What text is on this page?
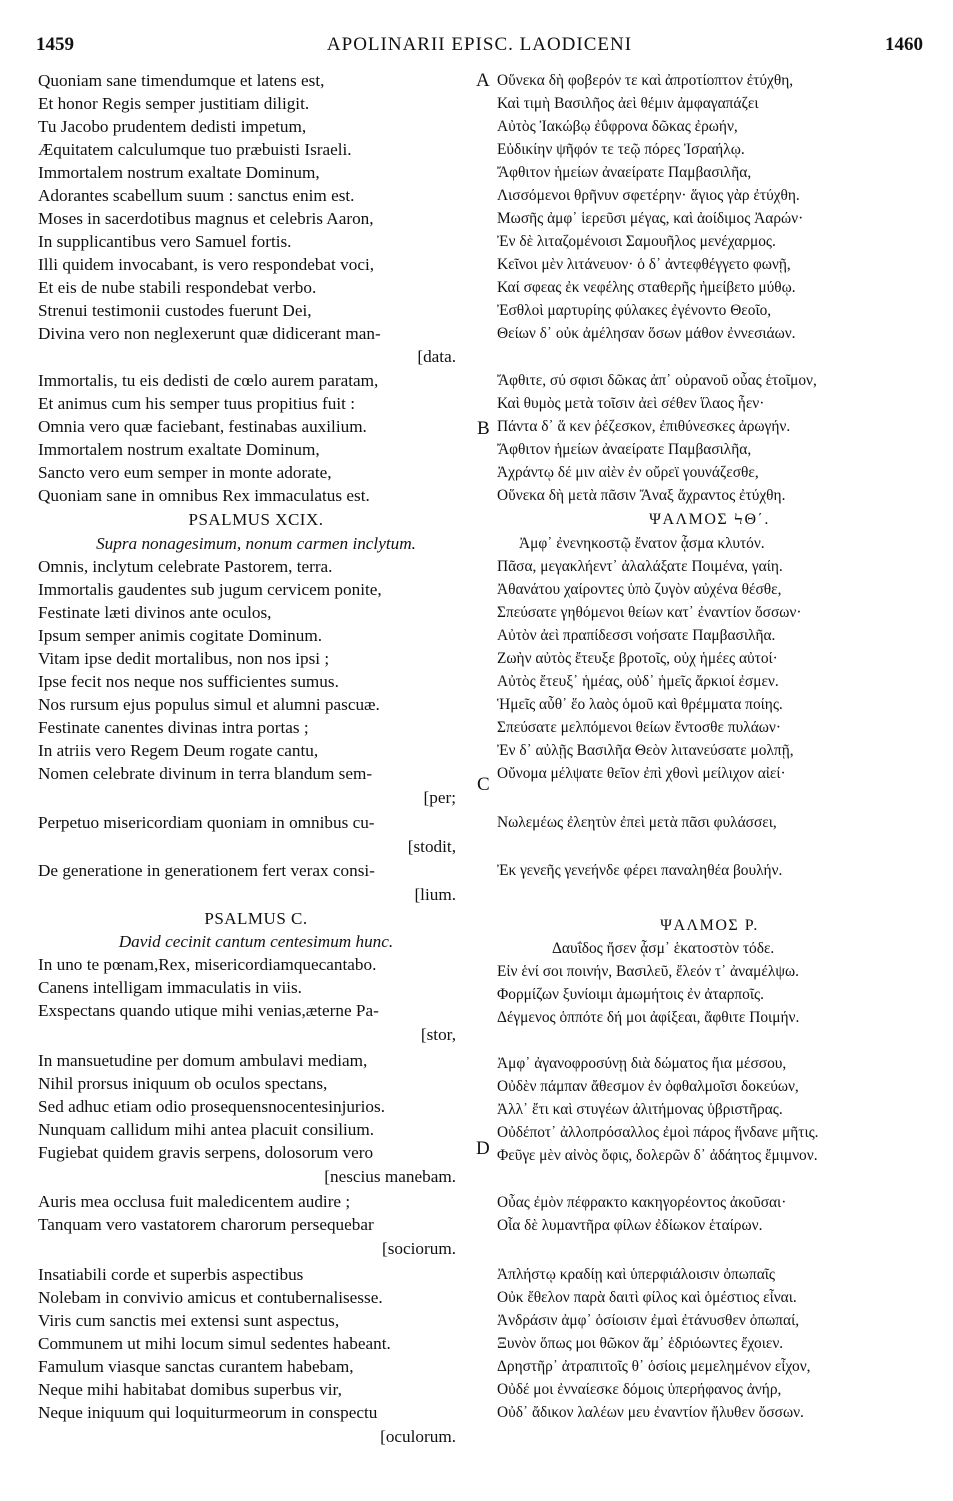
1459	APOLINARII EPISC. LAODICENI	1460
Quoniam sane timendumque et latens est,
Et honor Regis semper justitiam diligit.
Tu Jacobo prudentem dedisti impetum,
Æquitatem calculumque tuo præbuisti Israeli.
Immortalem nostrum exaltate Dominum,
Adorantes scabellum suum : sanctus enim est.
Moses in sacerdotibus magnus et celebris Aaron,
In supplicantibus vero Samuel fortis.
Illi quidem invocabant, is vero respondebat voci,
Et eis de nube stabili respondebat verbo.
Strenui testimonii custodes fuerunt Dei,
Divina vero non neglexerunt quæ didicerant man-
[data.
Immortalis, tu eis dedisti de cœlo aurem paratam,
Et animus cum his semper tuus propitius fuit :
Omnia vero quæ faciebant, festinabas auxilium.
Immortalem nostrum exaltate Dominum,
Sancto vero eum semper in monte adorate,
Quoniam sane in omnibus Rex immaculatus est.
PSALMUS XCIX.
Supra nonagesimum, nonum carmen inclytum.
Omnis, inclytum celebrate Pastorem, terra.
Immortalis gaudentes sub jugum cervicem ponite,
Festinate læti divinos ante oculos,
Ipsum semper animis cogitate Dominum.
Vitam ipse dedit mortalibus, non nos ipsi ;
Ipse fecit nos neque nos sufficientes sumus.
Nos rursum ejus populus simul et alumni pascuæ.
Festinate canentes divinas intra portas ;
In atriis vero Regem Deum rogate cantu,
Nomen celebrate divinum in terra blandum sem-
[per;
Perpetuo misericordiam quoniam in omnibus cu-
[stodit,
De generatione in generationem fert verax consi-
[lium.
PSALMUS C.
David cecinit cantum centesimum hunc.
In uno te pœnam,Rex, misericordiamquecantabo.
Canens intelligam immaculatis in viis.
Exspectans quando utique mihi venias,æterne Pa-
[stor,
In mansuetudine per domum ambulavi mediam,
Nihil prorsus iniquum ob oculos spectans,
Sed adhuc etiam odio prosequensnocentesinjurios.
Nunquam callidum mihi antea placuit consilium.
Fugiebat quidem gravis serpens, dolosorum vero
[nescius manebam.
Auris mea occlusa fuit maledicentem audire ;
Tanquam vero vastatorem charorum persequebar
[sociorum.
Insatiabili corde et superbis aspectibus
Nolebam in convivio amicus et contubernalisesse.
Viris cum sanctis mei extensi sunt aspectus,
Communem ut mihi locum simul sedentes habeant.
Famulum viasque sanctas curantem habebam,
Neque mihi habitabat domibus superbus vir,
Neque iniquum qui loquiturmeorum in conspectu
[oculorum.
A
B
C
D
Οὕνεκα δὴ φοβερόν τε καὶ ἀπροτίοπτον ἐτύχθη,
Καὶ τιμὴ Βασιλῆος ἀεὶ θέμιν ἀμφαγαπάζει
Αὐτὸς Ἰακώβῳ ἐΰφρονα δῶκας ἐρωήν,
Εὐδικίην ψῆφόν τε τεῷ πόρες Ἰσραήλῳ.
Ἄφθιτον ἡμείων ἀναείρατε Παμβασιλῆα,
Λισσόμενοι θρῆνυν σφετέρην· ἅγιος γὰρ ἐτύχθη.
Μωσῆς ἀμφ᾽ ἱερεῦσι μέγας, καὶ ἀοίδιμος Ἀαρών·
Ἐν δὲ λιταζομένοισι Σαμουῆλος μενέχαρμος.
Κεῖνοι μὲν λιτάνευον· ὁ δ᾽ ἀντεφθέγγετο φωνῇ,
Καί σφεας ἐκ νεφέλης σταθερῆς ἠμείβετο μύθῳ.
Ἐσθλοὶ μαρτυρίης φύλακες ἐγένοντο Θεοῖο,
Θείων δ᾽ οὐκ ἀμέλησαν ὅσων μάθον ἐννεσιάων.
Ἄφθιτε, σύ σφισι δῶκας ἀπ᾽ οὐρανοῦ οὖας ἑτοῖμον,
Καὶ θυμὸς μετὰ τοῖσιν ἀεὶ σέθεν ἵλαος ἦεν·
Πάντα δ᾽ ἅ κεν ῥέζεσκον, ἐπιθύνεσκες ἀρωγήν.
Ἄφθιτον ἡμείων ἀναείρατε Παμβασιλῆα,
Ἀχράντῳ δέ μιν αἰὲν ἐν οὔρεϊ γουνάζεσθε,
Οὕνεκα δὴ μετὰ πᾶσιν Ἄναξ ἄχραντος ἐτύχθη.
ΨΑΛΜΟΣ ϞΘ΄.
Ἀμφ᾽ ἐνενηκοστῷ ἔνατον ᾆσμα κλυτόν.
Πᾶσα, μεγακλήεντ᾽ ἀλαλάξατε Ποιμένα, γαίη.
Ἀθανάτου χαίροντες ὑπὸ ζυγὸν αὐχένα θέσθε,
Σπεύσατε γηθόμενοι θείων κατ᾽ ἐναντίον ὄσσων·
Αὐτὸν ἀεὶ πραπίδεσσι νοήσατε Παμβασιλῆα.
Ζωὴν αὐτὸς ἔτευξε βροτοῖς, οὐχ ἡμέες αὐτοί·
Αὐτὸς ἔτευξ᾽ ἡμέας, οὐδ᾽ ἡμεῖς ἄρκιοί ἐσμεν.
Ἡμεῖς αὖθ᾽ ἕο λαὸς ὁμοῦ καὶ θρέμματα ποίης.
Σπεύσατε μελπόμενοι θείων ἔντοσθε πυλάων·
Ἐν δ᾽ αὐλῇς Βασιλῆα Θεὸν λιτανεύσατε μολπῇ,
Οὔνομα μέλψατε θεῖον ἐπὶ χθονὶ μείλιχον αἰεί·
Νωλεμέως ἐλεητὺν ἐπεὶ μετὰ πᾶσι φυλάσσει,
Ἐκ γενεῆς γενεήνδε φέρει παναληθέα βουλήν.
ΨΑΛΜΟΣ Ρ.
Δαυΐδος ἤσεν ᾆσμ᾽ ἑκατοστὸν τόδε.
Εἰν ἑνί σοι ποινήν, Βασιλεῦ, ἔλεόν τ᾽ ἀναμέλψω.
Φορμίζων ξυνίοιμι ἀμωμήτοις ἐν ἀταρποῖς.
Δέγμενος ὁππότε δή μοι ἀφίξεαι, ἄφθιτε Ποιμήν.
Ἀμφ᾽ ἀγανοφροσύνῃ διὰ δώματος ἤια μέσσου,
Οὐδὲν πάμπαν ἄθεσμον ἐν ὀφθαλμοῖσι δοκεύων,
Ἀλλ᾽ ἔτι καὶ στυγέων ἀλιτήμονας ὑβριστῆρας.
Οὐδέποτ᾽ ἀλλοπρόσαλλος ἐμοὶ πάρος ἥνδανε μῆτις.
Φεῦγε μὲν αἰνὸς ὄφις, δολερῶν δ᾽ ἀδάητος ἔμιμνον.
Οὖας ἐμὸν πέφρακτο κακηγορέοντος ἀκοῦσαι·
Οἷα δὲ λυμαντῆρα φίλων ἐδίωκον ἑταίρων.
Ἀπλήστῳ κραδίῃ καὶ ὑπερφιάλοισιν ὀπωπαῖς
Οὐκ ἔθελον παρὰ δαιτὶ φίλος καὶ ὁμέστιος εἶναι.
Ἀνδράσιν ἀμφ᾽ ὁσίοισιν ἐμαὶ ἐτάνυσθεν ὀπωπαί,
Ξυνὸν ὅπως μοι θῶκον ἅμ᾽ ἑδριόωντες ἔχοιεν.
Δρηστῆρ᾽ ἀτραπιτοῖς θ᾽ ὁσίοις μεμελημένον εἶχον,
Οὐδέ μοι ἐνναίεσκε δόμοις ὑπερήφανος ἀνήρ,
Οὐδ᾽ ἄδικον λαλέων μευ ἐναντίον ἤλυθεν ὄσσων.
